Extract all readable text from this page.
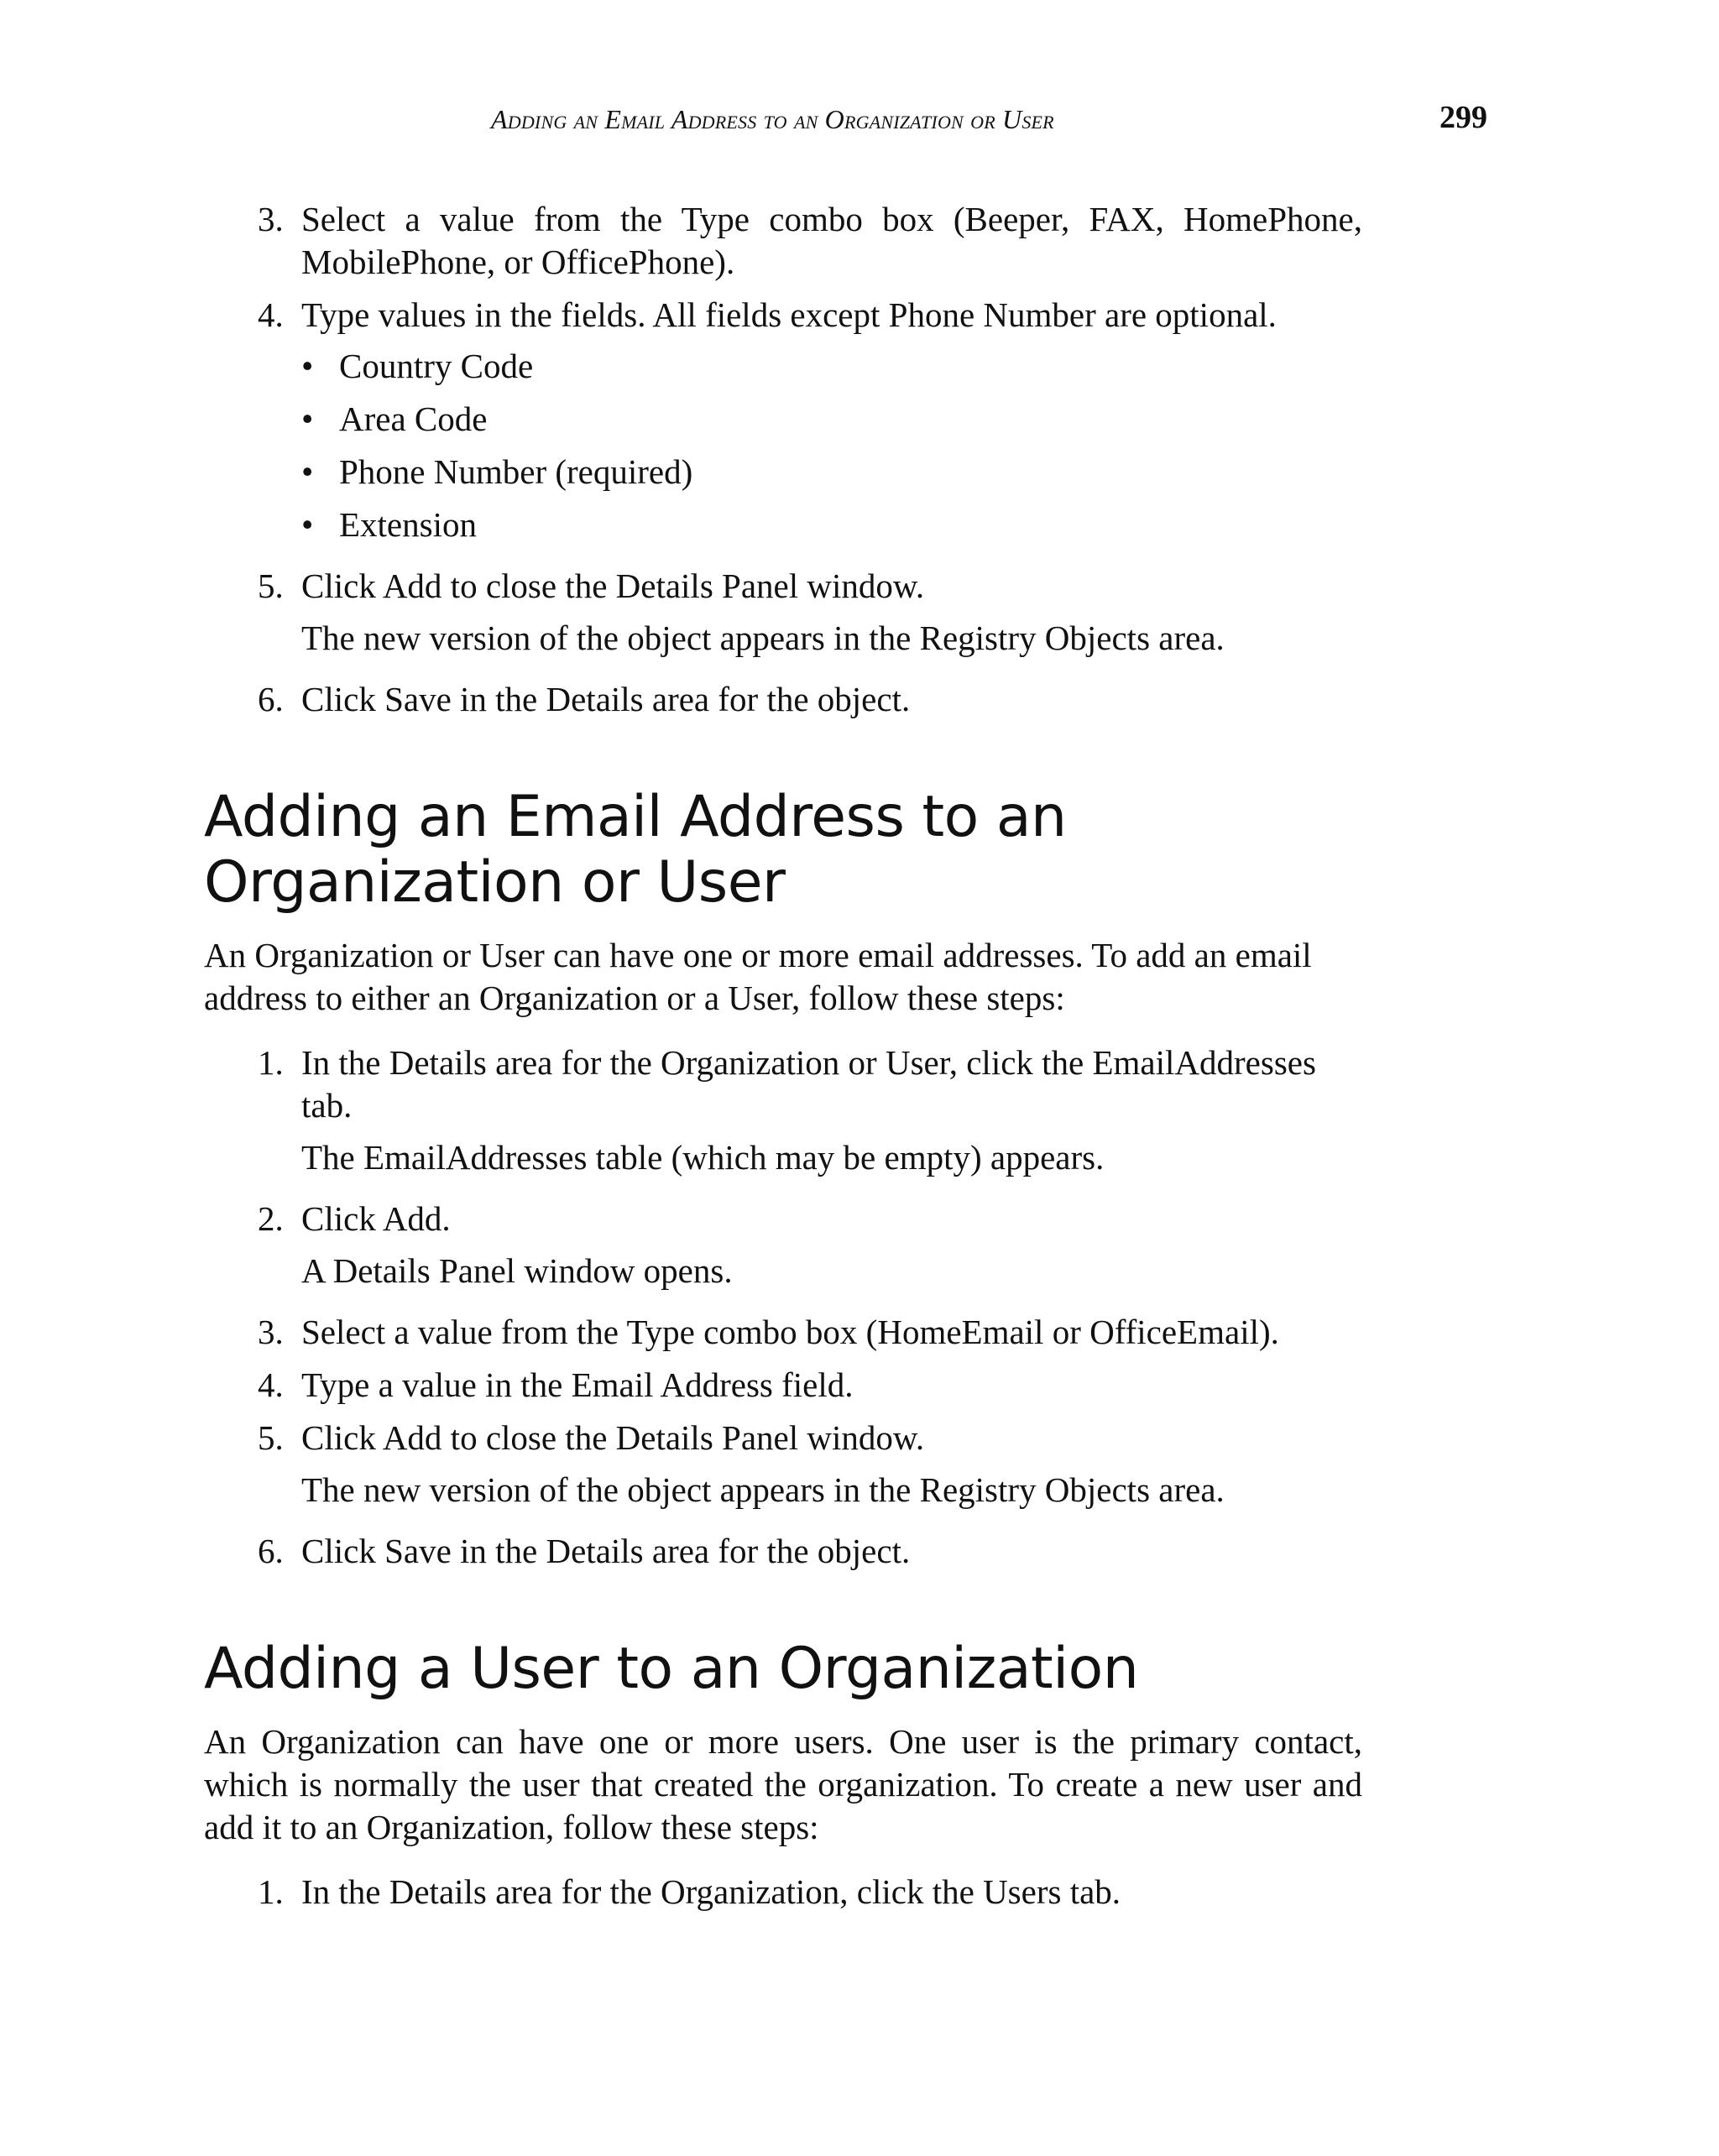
Adding an Email Address to an Organization or User	299
3. Select a value from the Type combo box (Beeper, FAX, HomePhone, MobilePhone, or OfficePhone).
4. Type values in the fields. All fields except Phone Number are optional.
• Country Code
• Area Code
• Phone Number (required)
• Extension
5. Click Add to close the Details Panel window.
The new version of the object appears in the Registry Objects area.
6. Click Save in the Details area for the object.
Adding an Email Address to an
Organization or User

An Organization or User can have one or more email addresses. To add an email address to either an Organization or a User, follow these steps:

1. In the Details area for the Organization or User, click the EmailAddresses tab.
The EmailAddresses table (which may be empty) appears.
2. Click Add.
A Details Panel window opens.
3. Select a value from the Type combo box (HomeEmail or OfficeEmail).
4. Type a value in the Email Address field.
5. Click Add to close the Details Panel window.
The new version of the object appears in the Registry Objects area.
6. Click Save in the Details area for the object.
Adding a User to an Organization

An Organization can have one or more users. One user is the primary contact, which is normally the user that created the organization. To create a new user and add it to an Organization, follow these steps:

1. In the Details area for the Organization, click the Users tab.
